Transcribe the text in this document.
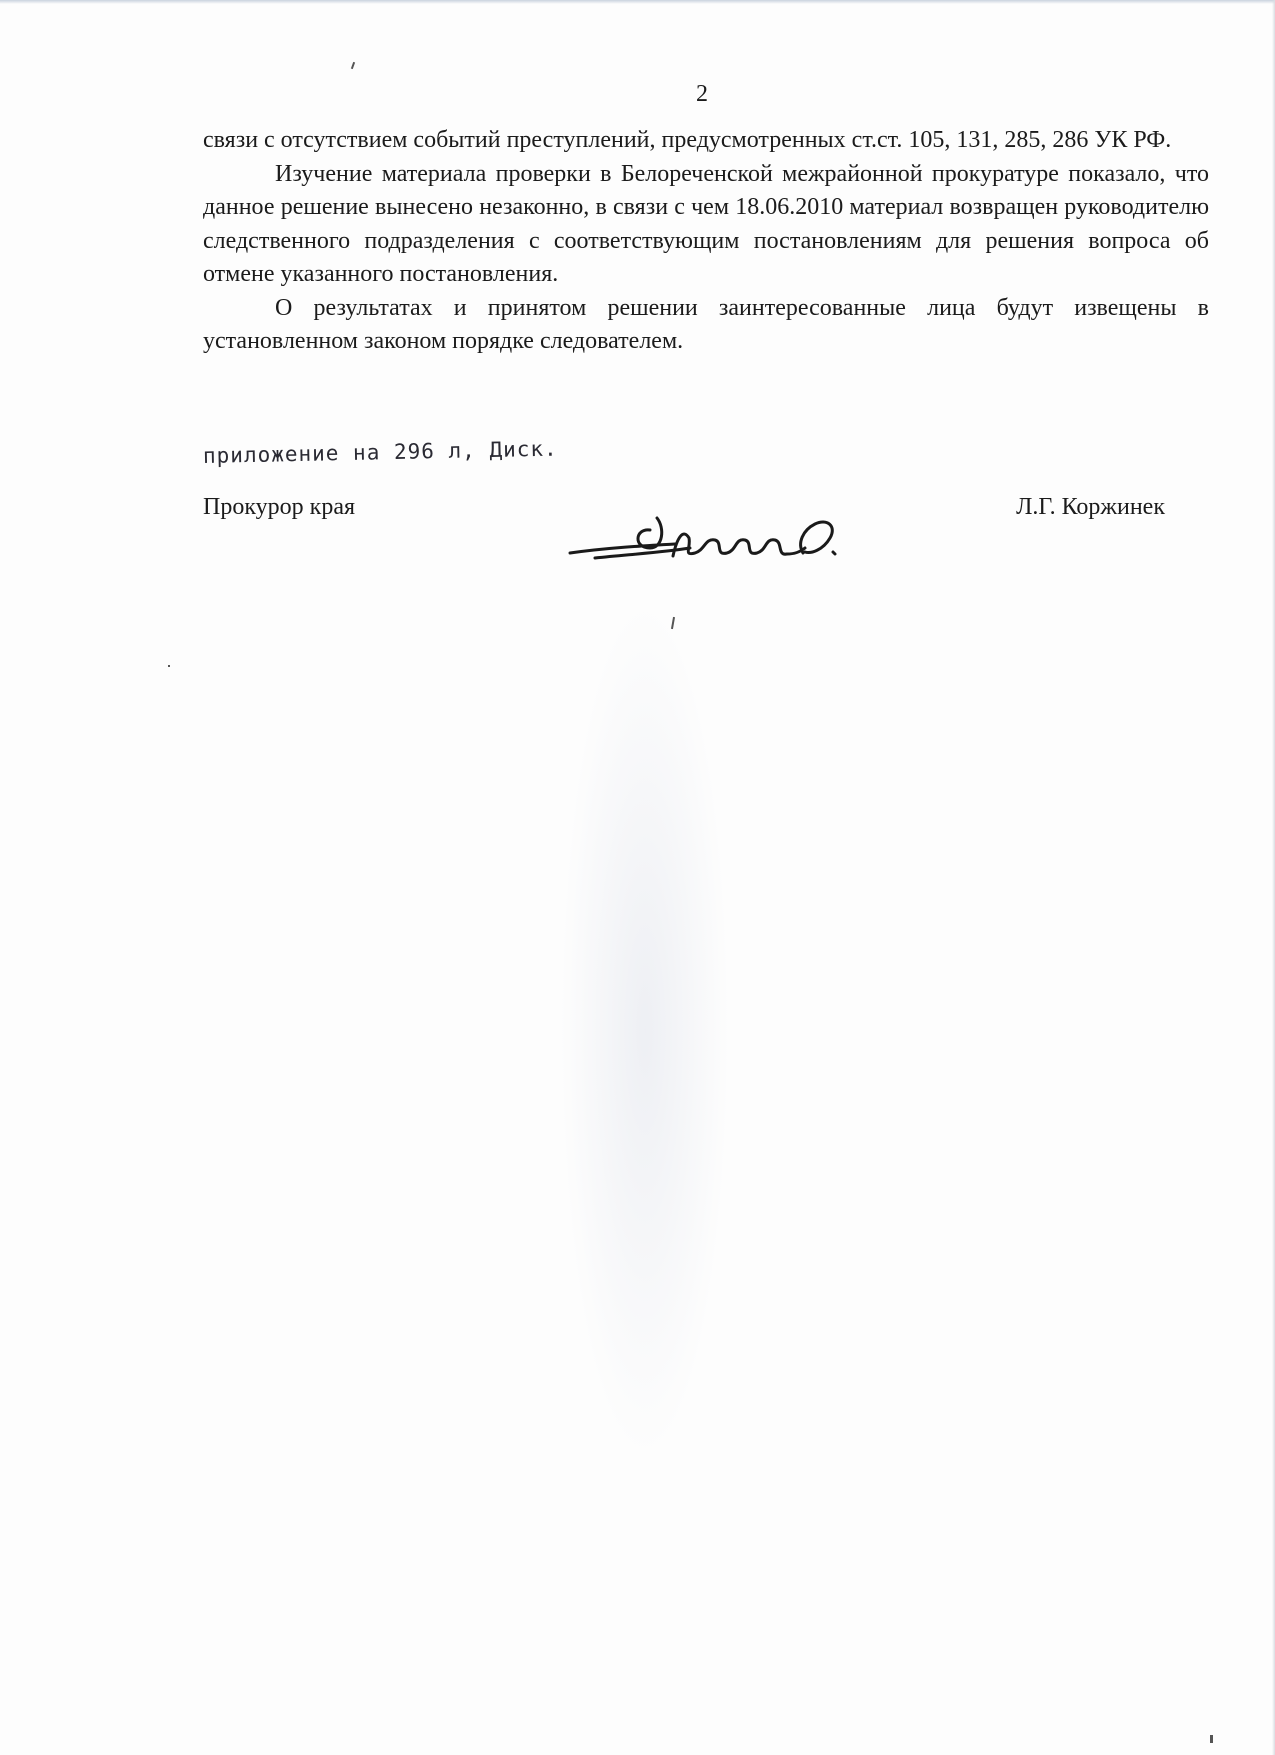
2

связи с отсутствием событий преступлений, предусмотренных ст.ст. 105, 131, 285, 286 УК РФ.

Изучение материала проверки в Белореченской межрайонной прокуратуре показало, что данное решение вынесено незаконно, в связи с чем 18.06.2010 материал возвращен руководителю следственного подразделения с соответствующим постановлениям для решения вопроса об отмене указанного постановления.

О результатах и принятом решении заинтересованные лица будут извещены в установленном законом порядке следователем.

приложение на 296 л, Диск.
Прокурор края	Л.Г. Коржинек
